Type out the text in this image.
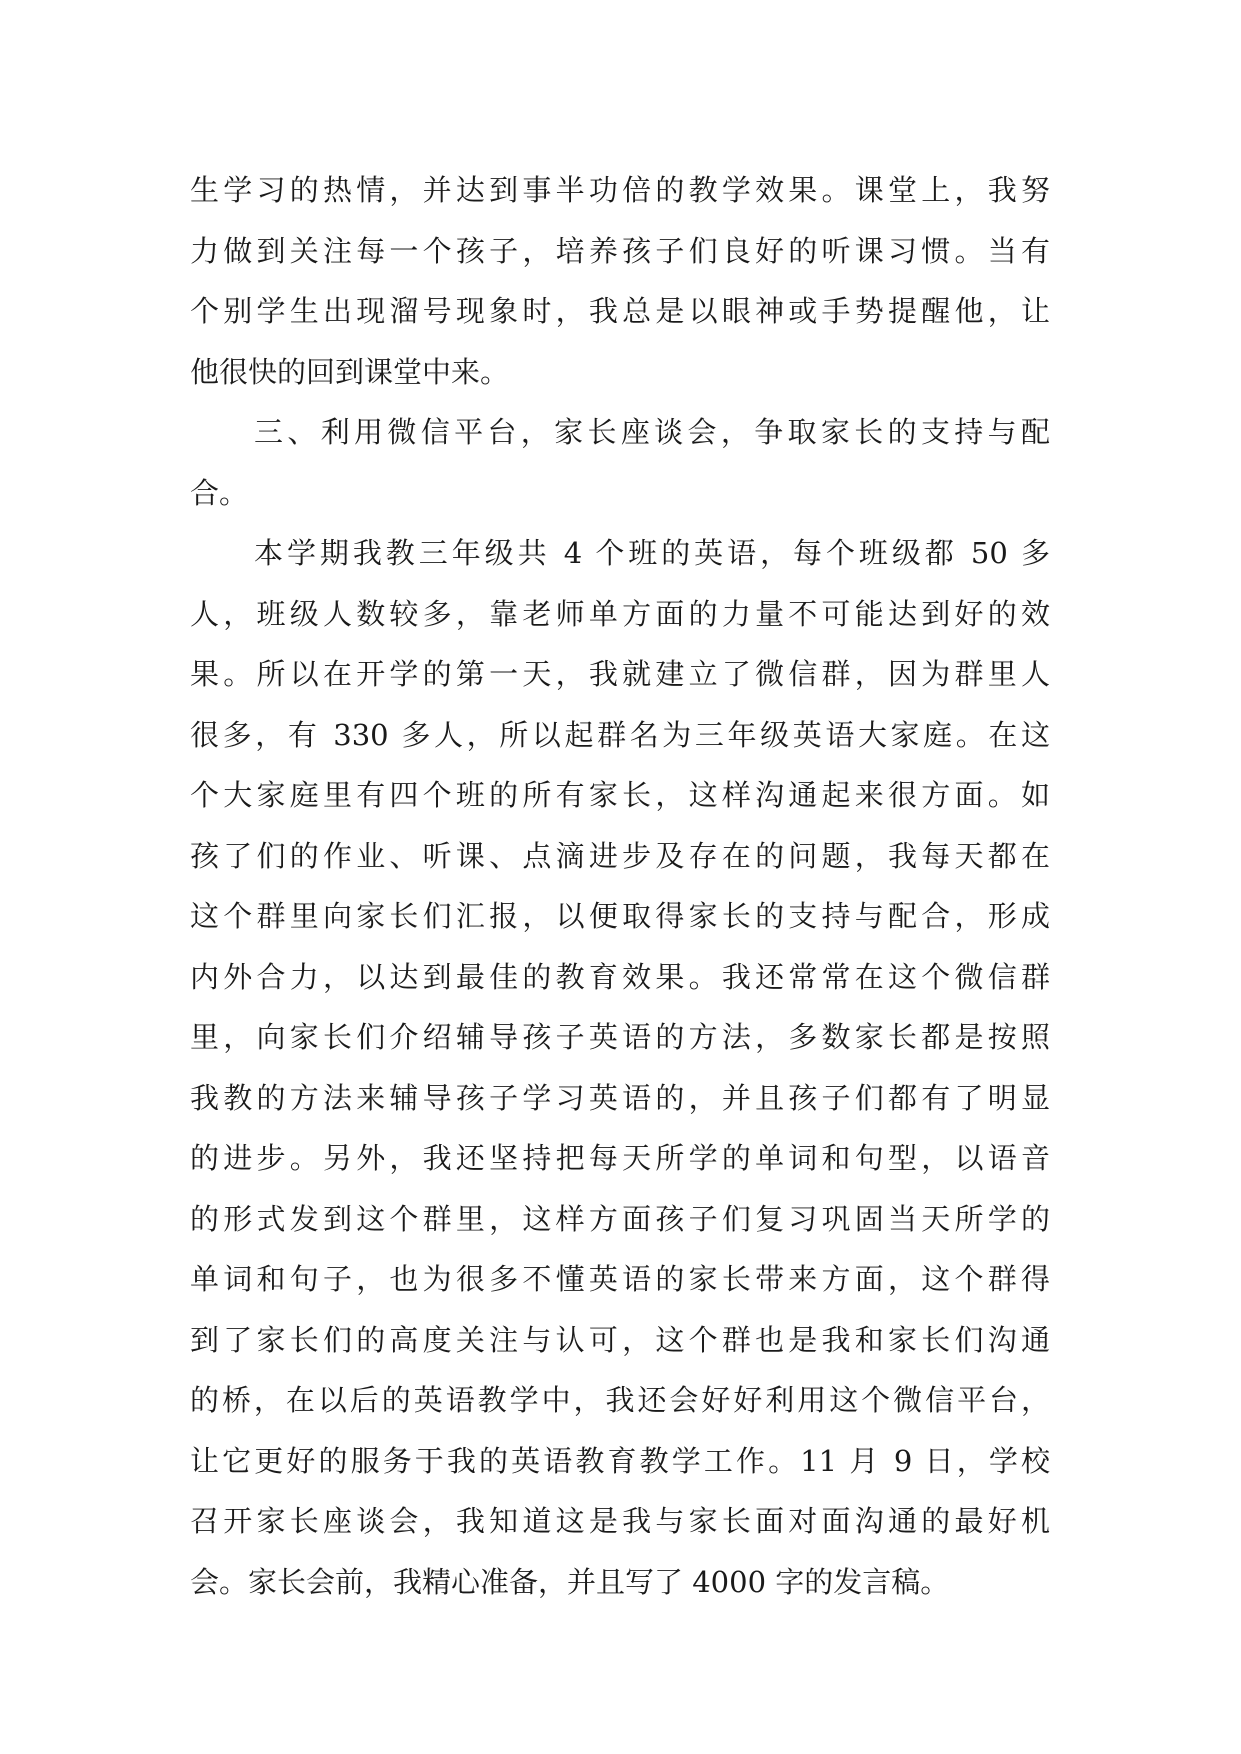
生学习的热情，并达到事半功倍的教学效果。课堂上，我努
力做到关注每一个孩子，培养孩子们良好的听课习惯。当有
个别学生出现溜号现象时，我总是以眼神或手势提醒他，让
他很快的回到课堂中来。
三、利用微信平台，家长座谈会，争取家长的支持与配
合。
本学期我教三年级共 4 个班的英语，每个班级都 50 多
人，班级人数较多，靠老师单方面的力量不可能达到好的效
果。所以在开学的第一天，我就建立了微信群，因为群里人
很多，有 330 多人，所以起群名为三年级英语大家庭。在这
个大家庭里有四个班的所有家长，这样沟通起来很方面。如
孩了们的作业、听课、点滴进步及存在的问题，我每天都在
这个群里向家长们汇报，以便取得家长的支持与配合，形成
内外合力，以达到最佳的教育效果。我还常常在这个微信群
里，向家长们介绍辅导孩子英语的方法，多数家长都是按照
我教的方法来辅导孩子学习英语的，并且孩子们都有了明显
的进步。另外，我还坚持把每天所学的单词和句型，以语音
的形式发到这个群里，这样方面孩子们复习巩固当天所学的
单词和句子，也为很多不懂英语的家长带来方面，这个群得
到了家长们的高度关注与认可，这个群也是我和家长们沟通
的桥，在以后的英语教学中，我还会好好利用这个微信平台，
让它更好的服务于我的英语教育教学工作。11 月 9 日，学校
召开家长座谈会，我知道这是我与家长面对面沟通的最好机
会。家长会前，我精心准备，并且写了 4000 字的发言稿。
